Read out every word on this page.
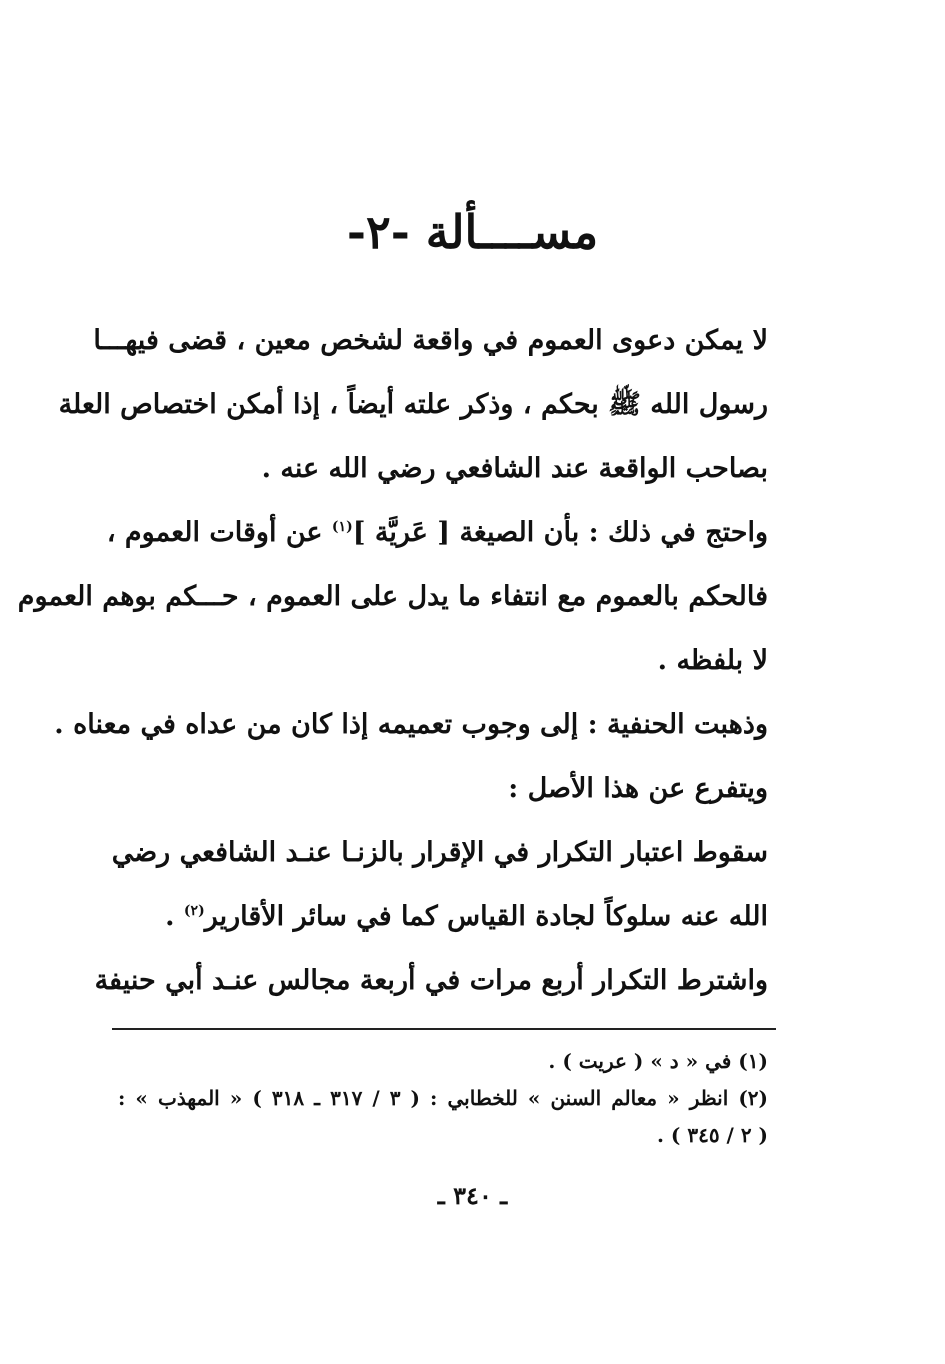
مســــألة -٢-
لا يمكن دعوى العموم في واقعة لشخص معين ، قضى فيهـــا
رسول الله ﷺ بحكم ، وذكر علته أيضاً ، إذا أمكن اختصاص العلة
بصاحب الواقعة عند الشافعي رضي الله عنه .
واحتج في ذلك : بأن الصيغة [ عَريَّة ]$^{(١)}$ عن أوقات العموم ،
فالحكم بالعموم مع انتفاء ما يدل على العموم ، حـــكم بوهم العموم
لا بلفظه .
وذهبت الحنفية : إلى وجوب تعميمه إذا كان من عداه في معناه .
ويتفرع عن هذا الأصل :
سقوط اعتبار التكرار في الإقرار بالزنـا عنـد الشافعي رضي
الله عنه سلوكاً لجادة القياس كما في سائر الأقارير$^{(٢)}$ .
واشترط التكرار أربع مرات في أربعة مجالس عنـد أبي حنيفة
(١) في « د » ( عريت ) .
(٢) انظر « معالم السنن » للخطابي : ( ٣ / ٣١٧ ـ ٣١٨ ) « المهذب » :
( ٢ / ٣٤٥ ) .
ـ ٣٤٠ ـ
